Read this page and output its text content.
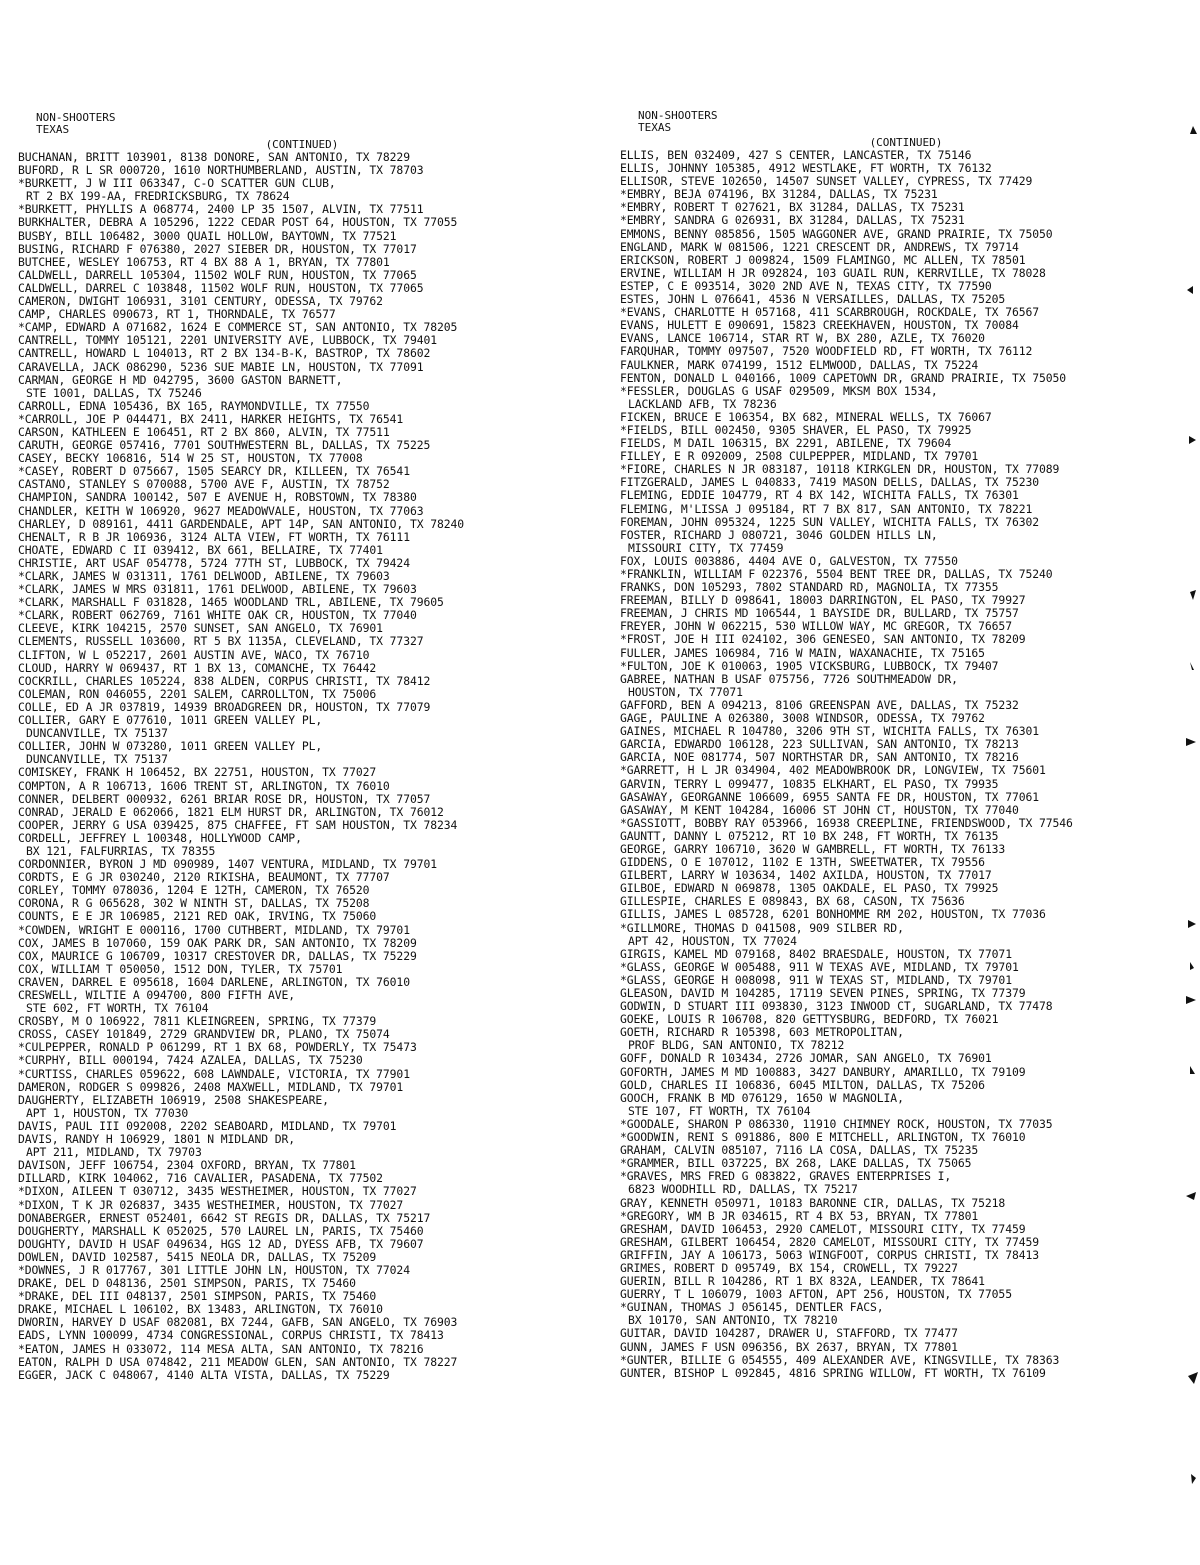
NON-SHOOTERS
TEXAS
(CONTINUED)
BUCHANAN, BRITT 103901, 8138 DONORE, SAN ANTONIO, TX 78229
BUFORD, R L SR 000720, 1610 NORTHUMBERLAND, AUSTIN, TX 78703
*BURKETT, J W III 063347, C-O SCATTER GUN CLUB,
RT 2 BX 199-AA, FREDRICKSBURG, TX 78624
*BURKETT, PHYLLIS A 068774, 2400 LP 35 1507, ALVIN, TX 77511
BURKHALTER, DEBRA A 105296, 1222 CEDAR POST 64, HOUSTON, TX 77055
BUSBY, BILL 106482, 3000 QUAIL HOLLOW, BAYTOWN, TX 77521
BUSING, RICHARD F 076380, 2027 SIEBER DR, HOUSTON, TX 77017
BUTCHEE, WESLEY 106753, RT 4 BX 88 A 1, BRYAN, TX 77801
CALDWELL, DARRELL 105304, 11502 WOLF RUN, HOUSTON, TX 77065
CALDWELL, DARREL C 103848, 11502 WOLF RUN, HOUSTON, TX 77065
CAMERON, DWIGHT 106931, 3101 CENTURY, ODESSA, TX 79762
CAMP, CHARLES 090673, RT 1, THORNDALE, TX 76577
*CAMP, EDWARD A 071682, 1624 E COMMERCE ST, SAN ANTONIO, TX 78205
CANTRELL, TOMMY 105121, 2201 UNIVERSITY AVE, LUBBOCK, TX 79401
CANTRELL, HOWARD L 104013, RT 2 BX 134-B-K, BASTROP, TX 78602
CARAVELLA, JACK 086290, 5236 SUE MABIE LN, HOUSTON, TX 77091
CARMAN, GEORGE H MD 042795, 3600 GASTON BARNETT,
STE 1001, DALLAS, TX 75246
CARROLL, EDNA 105436, BX 165, RAYMONDVILLE, TX 77550
*CARROLL, JOE P 044471, BX 2411, HARKER HEIGHTS, TX 76541
CARSON, KATHLEEN E 106451, RT 2 BX 860, ALVIN, TX 77511
CARUTH, GEORGE 057416, 7701 SOUTHWESTERN BL, DALLAS, TX 75225
CASEY, BECKY 106816, 514 W 25 ST, HOUSTON, TX 77008
*CASEY, ROBERT D 075667, 1505 SEARCY DR, KILLEEN, TX 76541
CASTANO, STANLEY S 070088, 5700 AVE F, AUSTIN, TX 78752
CHAMPION, SANDRA 100142, 507 E AVENUE H, ROBSTOWN, TX 78380
CHANDLER, KEITH W 106920, 9627 MEADOWVALE, HOUSTON, TX 77063
CHARLEY, D 089161, 4411 GARDENDALE, APT 14P, SAN ANTONIO, TX 78240
CHENALT, R B JR 106936, 3124 ALTA VIEW, FT WORTH, TX 76111
CHOATE, EDWARD C II 039412, BX 661, BELLAIRE, TX 77401
CHRISTIE, ART USAF 054778, 5724 77TH ST, LUBBOCK, TX 79424
*CLARK, JAMES W 031311, 1761 DELWOOD, ABILENE, TX 79603
*CLARK, JAMES W MRS 031811, 1761 DELWOOD, ABILENE, TX 79603
*CLARK, MARSHALL F 031828, 1465 WOODLAND TRL, ABILENE, TX 79605
*CLARK, ROBERT 062769, 7161 WHITE OAK CR, HOUSTON, TX 77040
CLEEVE, KIRK 104215, 2570 SUNSET, SAN ANGELO, TX 76901
CLEMENTS, RUSSELL 103600, RT 5 BX 1135A, CLEVELAND, TX 77327
CLIFTON, W L 052217, 2601 AUSTIN AVE, WACO, TX 76710
CLOUD, HARRY W 069437, RT 1 BX 13, COMANCHE, TX 76442
COCKRILL, CHARLES 105224, 838 ALDEN, CORPUS CHRISTI, TX 78412
COLEMAN, RON 046055, 2201 SALEM, CARROLLTON, TX 75006
COLLE, ED A JR 037819, 14939 BROADGREEN DR, HOUSTON, TX 77079
COLLIER, GARY E 077610, 1011 GREEN VALLEY PL,
DUNCANVILLE, TX 75137
COLLIER, JOHN W 073280, 1011 GREEN VALLEY PL,
DUNCANVILLE, TX 75137
COMISKEY, FRANK H 106452, BX 22751, HOUSTON, TX 77027
COMPTON, A R 106713, 1606 TRENT ST, ARLINGTON, TX 76010
CONNER, DELBERT 000932, 6261 BRIAR ROSE DR, HOUSTON, TX 77057
CONRAD, JERALD E 062066, 1821 ELM HURST DR, ARLINGTON, TX 76012
COOPER, JERRY G USA 039425, 875 CHAFFEE, FT SAM HOUSTON, TX 78234
CORDELL, JEFFREY L 100348, HOLLYWOOD CAMP,
BX 121, FALFURRIAS, TX 78355
CORDONNIER, BYRON J MD 090989, 1407 VENTURA, MIDLAND, TX 79701
CORDTS, E G JR 030240, 2120 RIKISHA, BEAUMONT, TX 77707
CORLEY, TOMMY 078036, 1204 E 12TH, CAMERON, TX 76520
CORONA, R G 065628, 302 W NINTH ST, DALLAS, TX 75208
COUNTS, E E JR 106985, 2121 RED OAK, IRVING, TX 75060
*COWDEN, WRIGHT E 000116, 1700 CUTHBERT, MIDLAND, TX 79701
COX, JAMES B 107060, 159 OAK PARK DR, SAN ANTONIO, TX 78209
COX, MAURICE G 106709, 10317 CRESTOVER DR, DALLAS, TX 75229
COX, WILLIAM T 050050, 1512 DON, TYLER, TX 75701
CRAVEN, DARREL E 095618, 1604 DARLENE, ARLINGTON, TX 76010
CRESWELL, WILTIE A 094700, 800 FIFTH AVE,
STE 602, FT WORTH, TX 76104
CROSBY, M O 106922, 7811 KLEINGREEN, SPRING, TX 77379
CROSS, CASEY 101849, 2729 GRANDVIEW DR, PLANO, TX 75074
*CULPEPPER, RONALD P 061299, RT 1 BX 68, POWDERLY, TX 75473
*CURPHY, BILL 000194, 7424 AZALEA, DALLAS, TX 75230
*CURTISS, CHARLES 059622, 608 LAWNDALE, VICTORIA, TX 77901
DAMERON, RODGER S 099826, 2408 MAXWELL, MIDLAND, TX 79701
DAUGHERTY, ELIZABETH 106919, 2508 SHAKESPEARE,
APT 1, HOUSTON, TX 77030
DAVIS, PAUL III 092008, 2202 SEABOARD, MIDLAND, TX 79701
DAVIS, RANDY H 106929, 1801 N MIDLAND DR,
APT 211, MIDLAND, TX 79703
DAVISON, JEFF 106754, 2304 OXFORD, BRYAN, TX 77801
DILLARD, KIRK 104062, 716 CAVALIER, PASADENA, TX 77502
*DIXON, AILEEN T 030712, 3435 WESTHEIMER, HOUSTON, TX 77027
*DIXON, T K JR 026837, 3435 WESTHEIMER, HOUSTON, TX 77027
DONABERGER, ERNEST 052401, 6642 ST REGIS DR, DALLAS, TX 75217
DOUGHERTY, MARSHALL K 052025, 570 LAUREL LN, PARIS, TX 75460
DOUGHTY, DAVID H USAF 049634, HGS 12 AD, DYESS AFB, TX 79607
DOWLEN, DAVID 102587, 5415 NEOLA DR, DALLAS, TX 75209
*DOWNES, J R 017767, 301 LITTLE JOHN LN, HOUSTON, TX 77024
DRAKE, DEL D 048136, 2501 SIMPSON, PARIS, TX 75460
*DRAKE, DEL III 048137, 2501 SIMPSON, PARIS, TX 75460
DRAKE, MICHAEL L 106102, BX 13483, ARLINGTON, TX 76010
DWORIN, HARVEY D USAF 082081, BX 7244, GAFB, SAN ANGELO, TX 76903
EADS, LYNN 100099, 4734 CONGRESSIONAL, CORPUS CHRISTI, TX 78413
*EATON, JAMES H 033072, 114 MESA ALTA, SAN ANTONIO, TX 78216
EATON, RALPH D USA 074842, 211 MEADOW GLEN, SAN ANTONIO, TX 78227
EGGER, JACK C 048067, 4140 ALTA VISTA, DALLAS, TX 75229
NON-SHOOTERS
TEXAS
(CONTINUED)
ELLIS, BEN 032409, 427 S CENTER, LANCASTER, TX 75146
ELLIS, JOHNNY 105385, 4912 WESTLAKE, FT WORTH, TX 76132
ELLISOR, STEVE 102650, 14507 SUNSET VALLEY, CYPRESS, TX 77429
*EMBRY, BEJA 074196, BX 31284, DALLAS, TX 75231
*EMBRY, ROBERT T 027621, BX 31284, DALLAS, TX 75231
*EMBRY, SANDRA G 026931, BX 31284, DALLAS, TX 75231
EMMONS, BENNY 085856, 1505 WAGGONER AVE, GRAND PRAIRIE, TX 75050
ENGLAND, MARK W 081506, 1221 CRESCENT DR, ANDREWS, TX 79714
ERICKSON, ROBERT J 009824, 1509 FLAMINGO, MC ALLEN, TX 78501
ERVINE, WILLIAM H JR 092824, 103 GUAIL RUN, KERRVILLE, TX 78028
ESTEP, C E 093514, 3020 2ND AVE N, TEXAS CITY, TX 77590
ESTES, JOHN L 076641, 4536 N VERSAILLES, DALLAS, TX 75205
*EVANS, CHARLOTTE H 057168, 411 SCARBROUGH, ROCKDALE, TX 76567
EVANS, HULETT E 090691, 15823 CREEKHAVEN, HOUSTON, TX 70084
EVANS, LANCE 106714, STAR RT W, BX 280, AZLE, TX 76020
FARQUHAR, TOMMY 097507, 7520 WOODFIELD RD, FT WORTH, TX 76112
FAULKNER, MARK 074199, 1512 ELMWOOD, DALLAS, TX 75224
FENTON, DONALD L 040166, 1009 CAPETOWN DR, GRAND PRAIRIE, TX 75050
*FESSLER, DOUGLAS G USAF 029509, MKSM BOX 1534,
LACKLAND AFB, TX 78236
FICKEN, BRUCE E 106354, BX 682, MINERAL WELLS, TX 76067
*FIELDS, BILL 002450, 9305 SHAVER, EL PASO, TX 79925
FIELDS, M DAIL 106315, BX 2291, ABILENE, TX 79604
FILLEY, E R 092009, 2508 CULPEPPER, MIDLAND, TX 79701
*FIORE, CHARLES N JR 083187, 10118 KIRKGLEN DR, HOUSTON, TX 77089
FITZGERALD, JAMES L 040833, 7419 MASON DELLS, DALLAS, TX 75230
FLEMING, EDDIE 104779, RT 4 BX 142, WICHITA FALLS, TX 76301
FLEMING, M'LISSA J 095184, RT 7 BX 817, SAN ANTONIO, TX 78221
FOREMAN, JOHN 095324, 1225 SUN VALLEY, WICHITA FALLS, TX 76302
FOSTER, RICHARD J 080721, 3046 GOLDEN HILLS LN,
MISSOURI CITY, TX 77459
FOX, LOUIS 003886, 4404 AVE O, GALVESTON, TX 77550
*FRANKLIN, WILLIAM F 022376, 5504 BENT TREE DR, DALLAS, TX 75240
FRANKS, DON 105293, 7802 STANDARD RD, MAGNOLIA, TX 77355
FREEMAN, BILLY D 098641, 18003 DARRINGTON, EL PASO, TX 79927
FREEMAN, J CHRIS MD 106544, 1 BAYSIDE DR, BULLARD, TX 75757
FREYER, JOHN W 062215, 530 WILLOW WAY, MC GREGOR, TX 76657
*FROST, JOE H III 024102, 306 GENESEO, SAN ANTONIO, TX 78209
FULLER, JAMES 106984, 716 W MAIN, WAXANACHIE, TX 75165
*FULTON, JOE K 010063, 1905 VICKSBURG, LUBBOCK, TX 79407
GABREE, NATHAN B USAF 075756, 7726 SOUTHMEADOW DR,
HOUSTON, TX 77071
GAFFORD, BEN A 094213, 8106 GREENSPAN AVE, DALLAS, TX 75232
GAGE, PAULINE A 026380, 3008 WINDSOR, ODESSA, TX 79762
GAINES, MICHAEL R 104780, 3206 9TH ST, WICHITA FALLS, TX 76301
GARCIA, EDWARDO 106128, 223 SULLIVAN, SAN ANTONIO, TX 78213
GARCIA, NOE 081774, 507 NORTHSTAR DR, SAN ANTONIO, TX 78216
*GARRETT, H L JR 034904, 402 MEADOWBROOK DR, LONGVIEW, TX 75601
GARVIN, TERRY L 099477, 10835 ELKHART, EL PASO, TX 79935
GASAWAY, GEORGANNE 106609, 6955 SANTA FE DR, HOUSTON, TX 77061
GASAWAY, M KENT 104284, 16006 ST JOHN CT, HOUSTON, TX 77040
*GASSIOTT, BOBBY RAY 053966, 16938 CREEPLINE, FRIENDSWOOD, TX 77546
GAUNTT, DANNY L 075212, RT 10 BX 248, FT WORTH, TX 76135
GEORGE, GARRY 106710, 3620 W GAMBRELL, FT WORTH, TX 76133
GIDDENS, O E 107012, 1102 E 13TH, SWEETWATER, TX 79556
GILBERT, LARRY W 103634, 1402 AXILDA, HOUSTON, TX 77017
GILBOE, EDWARD N 069878, 1305 OAKDALE, EL PASO, TX 79925
GILLESPIE, CHARLES E 089843, BX 68, CASON, TX 75636
GILLIS, JAMES L 085728, 6201 BONHOMME RM 202, HOUSTON, TX 77036
*GILLMORE, THOMAS D 041508, 909 SILBER RD,
APT 42, HOUSTON, TX 77024
GIRGIS, KAMEL MD 079168, 8402 BRAESDALE, HOUSTON, TX 77071
*GLASS, GEORGE W 005488, 911 W TEXAS AVE, MIDLAND, TX 79701
*GLASS, GEORGE H 008098, 911 W TEXAS ST, MIDLAND, TX 79701
GLEASON, DAVID M 104285, 17119 SEVEN PINES, SPRING, TX 77379
GODWIN, D STUART III 093830, 3123 INWOOD CT, SUGARLAND, TX 77478
GOEKE, LOUIS R 106708, 820 GETTYSBURG, BEDFORD, TX 76021
GOETH, RICHARD R 105398, 603 METROPOLITAN,
PROF BLDG, SAN ANTONIO, TX 78212
GOFF, DONALD R 103434, 2726 JOMAR, SAN ANGELO, TX 76901
GOFORTH, JAMES M MD 100883, 3427 DANBURY, AMARILLO, TX 79109
GOLD, CHARLES II 106836, 6045 MILTON, DALLAS, TX 75206
GOOCH, FRANK B MD 076129, 1650 W MAGNOLIA,
STE 107, FT WORTH, TX 76104
*GOODALE, SHARON P 086330, 11910 CHIMNEY ROCK, HOUSTON, TX 77035
*GOODWIN, RENI S 091886, 800 E MITCHELL, ARLINGTON, TX 76010
GRAHAM, CALVIN 085107, 7116 LA COSA, DALLAS, TX 75235
*GRAMMER, BILL 037225, BX 268, LAKE DALLAS, TX 75065
*GRAVES, MRS FRED G 083822, GRAVES ENTERPRISES I,
6823 WOODHILL RD, DALLAS, TX 75217
GRAY, KENNETH 050971, 10183 BARONNE CIR, DALLAS, TX 75218
*GREGORY, WM B JR 034615, RT 4 BX 53, BRYAN, TX 77801
GRESHAM, DAVID 106453, 2920 CAMELOT, MISSOURI CITY, TX 77459
GRESHAM, GILBERT 106454, 2820 CAMELOT, MISSOURI CITY, TX 77459
GRIFFIN, JAY A 106173, 5063 WINGFOOT, CORPUS CHRISTI, TX 78413
GRIMES, ROBERT D 095749, BX 154, CROWELL, TX 79227
GUERIN, BILL R 104286, RT 1 BX 832A, LEANDER, TX 78641
GUERRY, T L 106079, 1003 AFTON, APT 256, HOUSTON, TX 77055
*GUINAN, THOMAS J 056145, DENTLER FACS,
BX 10170, SAN ANTONIO, TX 78210
GUITAR, DAVID 104287, DRAWER U, STAFFORD, TX 77477
GUNN, JAMES F USN 096356, BX 2637, BRYAN, TX 77801
*GUNTER, BILLIE G 054555, 409 ALEXANDER AVE, KINGSVILLE, TX 78363
GUNTER, BISHOP L 092845, 4816 SPRING WILLOW, FT WORTH, TX 76109
